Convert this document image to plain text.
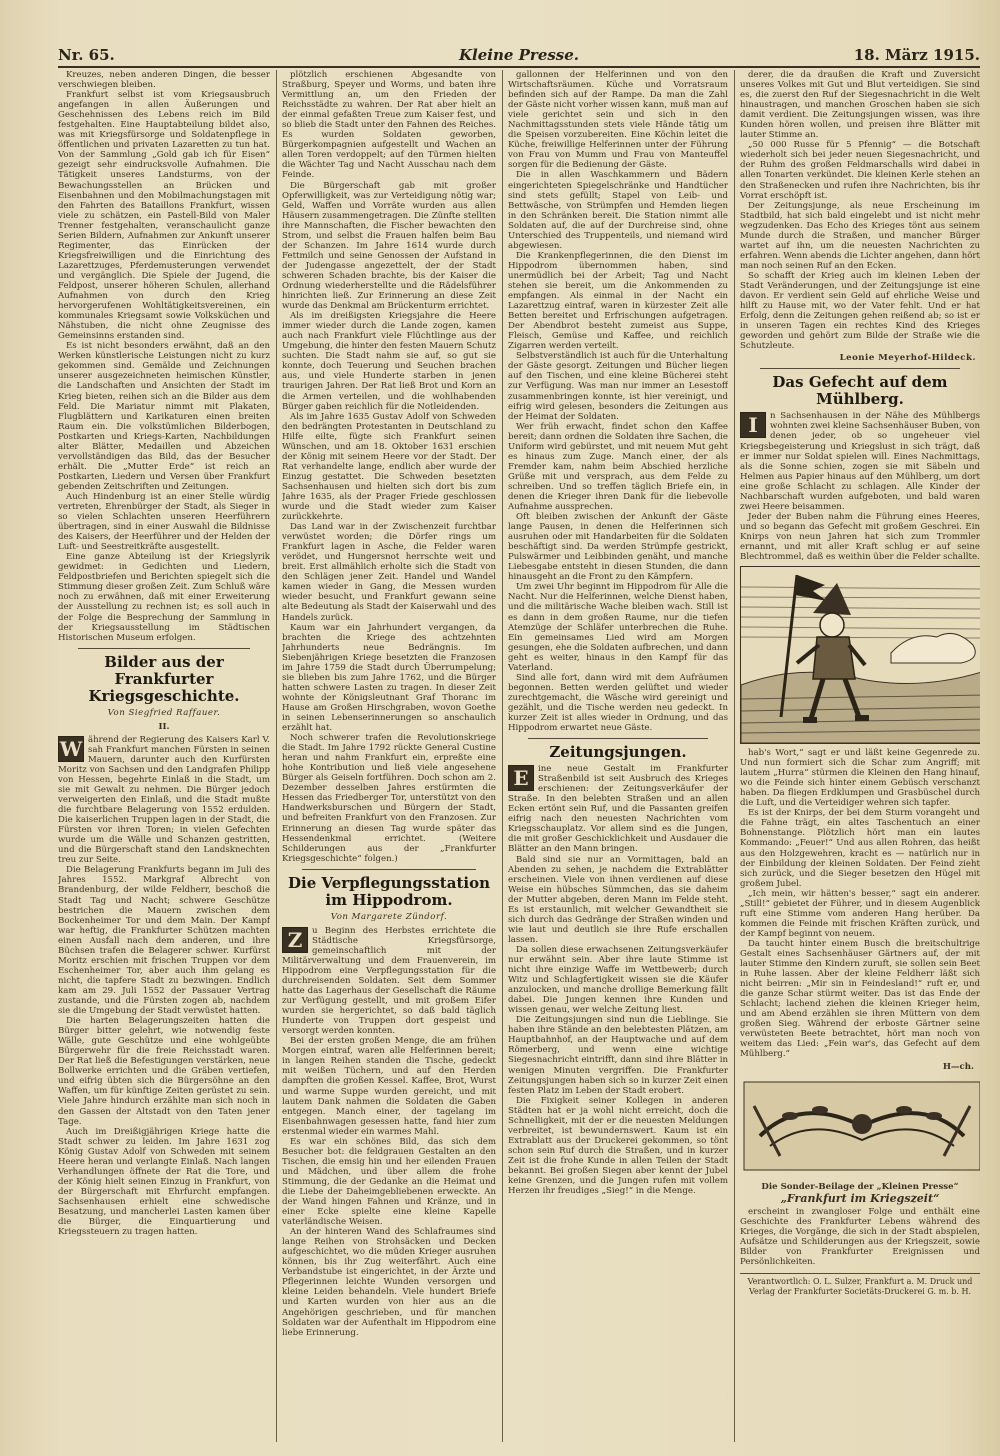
Nr. 65.	Kleine Presse.	18. März 1915.

Kreuzes, neben anderen Dingen, die besser verschwiegen bleiben.

Frankfurt selbst ist vom Kriegsausbruch angefangen in allen Äußerungen und Geschehnissen des Lebens reich im Bild festgehalten. Eine Hauptabteilung bildet also, was mit Kriegsfürsorge und Soldatenpflege in öffentlichen und privaten Lazaretten zu tun hat. Von der Sammlung „Gold gab ich für Eisen“ gezeigt sehr eindrucksvolle Aufnahmen. Die Tätigkeit unseres Landsturms, von der Bewachungsstellen an Brücken und Eisenbahnen und den Mobilmachungstagen mit den Fahrten des Bataillons Frankfurt, wissen viele zu schätzen, ein Pastell-Bild von Maler Trenner festgehalten, veranschaulicht ganze Serien Bildern, Aufnahmen zur Ankunft unserer Regimenter, das Einrücken der Kriegsfreiwilligen und die Einrichtung des Lazarettzuges, Pferdemusterungen verwendet und vergänglich. Die Spiele der Jugend, die Feldpost, unserer höheren Schulen, allerhand Aufnahmen von durch den Krieg hervorgerufenen Wohltätigkeitsvereinen, ein kommunales Kriegsamt sowie Volksküchen und Nähstuben, die nicht ohne Zeugnisse des Gemeinsinns erstanden sind.

Es ist nicht besonders erwähnt, daß an den Werken künstlerische Leistungen nicht zu kurz gekommen sind. Gemälde und Zeichnungen unserer ausgezeichneten heimischen Künstler, die Landschaften und Ansichten der Stadt im Krieg bieten, reihen sich an die Bilder aus dem Feld. Die Mariatur nimmt mit Plakaten, Flugblättern und Karikaturen einen breiten Raum ein. Die volkstümlichen Bilderbogen, Postkarten und Kriegs-Karten, Nachbildungen alter Blätter, Medaillen und Abzeichen vervollständigen das Bild, das der Besucher erhält. Die „Mutter Erde“ ist reich an Postkarten, Liedern und Versen über Frankfurt gebenden Zeitschriften und Zeitungen.

Auch Hindenburg ist an einer Stelle würdig vertreten, Ehrenbürger der Stadt, als Sieger in so vielen Schlachten unseren Heerführern übertragen, sind in einer Auswahl die Bildnisse des Kaisers, der Heerführer und der Helden der Luft- und Seestreitkräfte ausgestellt.

Eine ganze Abteilung ist der Kriegslyrik gewidmet: in Gedichten und Liedern, Feldpostbriefen und Berichten spiegelt sich die Stimmung dieser großen Zeit. Zum Schluß wäre noch zu erwähnen, daß mit einer Erweiterung der Ausstellung zu rechnen ist; es soll auch in der Folge die Besprechung der Sammlung in der Kriegsausstellung im Städtischen Historischen Museum erfolgen.

Bilder aus der Frankfurter Kriegsgeschichte.
Von Siegfried Raffauer.
II.
W ährend der Regierung des Kaisers Karl V. sah Frankfurt manchen Fürsten in seinen Mauern, darunter auch den Kurfürsten Moritz von Sachsen und den Landgrafen Philipp von Hessen, begehrte Einlaß in die Stadt, um sie mit Gewalt zu nehmen. Die Bürger jedoch verweigerten den Einlaß, und die Stadt mußte die furchtbare Belagerung von 1552 erdulden. Die kaiserlichen Truppen lagen in der Stadt, die Fürsten vor ihren Toren; in vielen Gefechten wurde um die Wälle und Schanzen gestritten, und die Bürgerschaft stand den Landsknechten treu zur Seite.

Die Belagerung Frankfurts begann im Juli des Jahres 1552. Markgraf Albrecht von Brandenburg, der wilde Feldherr, beschoß die Stadt Tag und Nacht; schwere Geschütze bestrichen die Mauern zwischen dem Bockenheimer Tor und dem Main. Der Kampf war heftig, die Frankfurter Schützen machten einen Ausfall nach dem anderen, und ihre Büchsen trafen die Belagerer schwer. Kurfürst Moritz erschien mit frischen Truppen vor dem Eschenheimer Tor, aber auch ihm gelang es nicht, die tapfere Stadt zu bezwingen. Endlich kam am 29. Juli 1552 der Passauer Vertrag zustande, und die Fürsten zogen ab, nachdem sie die Umgebung der Stadt verwüstet hatten.

Die harten Belagerungszeiten hatten die Bürger bitter gelehrt, wie notwendig feste Wälle, gute Geschütze und eine wohlgeübte Bürgerwehr für die freie Reichsstadt waren. Der Rat ließ die Befestigungen verstärken, neue Bollwerke errichten und die Gräben vertiefen, und eifrig übten sich die Bürgersöhne an den Waffen, um für künftige Zeiten gerüstet zu sein. Viele Jahre hindurch erzählte man sich noch in den Gassen der Altstadt von den Taten jener Tage.

Auch im Dreißigjährigen Kriege hatte die Stadt schwer zu leiden. Im Jahre 1631 zog König Gustav Adolf von Schweden mit seinem Heere heran und verlangte Einlaß. Nach langen Verhandlungen öffnete der Rat die Tore, und der König hielt seinen Einzug in Frankfurt, von der Bürgerschaft mit Ehrfurcht empfangen. Sachsenhausen erhielt eine schwedische Besatzung, und mancherlei Lasten kamen über die Bürger, die Einquartierung und Kriegssteuern zu tragen hatten.

plötzlich erschienen Abgesandte von Straßburg, Speyer und Worms, und baten ihre Vermittlung an, um den Frieden der Reichsstädte zu wahren. Der Rat aber hielt an der einmal gefaßten Treue zum Kaiser fest, und so blieb die Stadt unter den Fahnen des Reiches. Es wurden Soldaten geworben, Bürgerkompagnien aufgestellt und Wachen an allen Toren verdoppelt; auf den Türmen hielten die Wächter Tag und Nacht Ausschau nach dem Feinde.

Die Bürgerschaft gab mit großer Opferwilligkeit, was zur Verteidigung nötig war; Geld, Waffen und Vorräte wurden aus allen Häusern zusammengetragen. Die Zünfte stellten ihre Mannschaften, die Fischer bewachten den Strom, und selbst die Frauen halfen beim Bau der Schanzen. Im Jahre 1614 wurde durch Fettmilch und seine Genossen der Aufstand in der Judengasse angezettelt, der der Stadt schweren Schaden brachte, bis der Kaiser die Ordnung wiederherstellte und die Rädelsführer hinrichten ließ. Zur Erinnerung an diese Zeit wurde das Denkmal am Brückenturm errichtet.

Als im dreißigsten Kriegsjahre die Heere immer wieder durch die Lande zogen, kamen auch nach Frankfurt viele Flüchtlinge aus der Umgebung, die hinter den festen Mauern Schutz suchten. Die Stadt nahm sie auf, so gut sie konnte, doch Teuerung und Seuchen brachen aus, und viele Hunderte starben in jenen traurigen Jahren. Der Rat ließ Brot und Korn an die Armen verteilen, und die wohlhabenden Bürger gaben reichlich für die Notleidenden.

Als im Jahre 1635 Gustav Adolf von Schweden den bedrängten Protestanten in Deutschland zu Hilfe eilte, fügte sich Frankfurt seinen Wünschen, und am 18. Oktober 1631 erschien der König mit seinem Heere vor der Stadt. Der Rat verhandelte lange, endlich aber wurde der Einzug gestattet. Die Schweden besetzten Sachsenhausen und hielten sich dort bis zum Jahre 1635, als der Prager Friede geschlossen wurde und die Stadt wieder zum Kaiser zurückkehrte.

Das Land war in der Zwischenzeit furchtbar verwüstet worden; die Dörfer rings um Frankfurt lagen in Asche, die Felder waren verödet, und Hungersnot herrschte weit und breit. Erst allmählich erholte sich die Stadt von den Schlägen jener Zeit. Handel und Wandel kamen wieder in Gang, die Messen wurden wieder besucht, und Frankfurt gewann seine alte Bedeutung als Stadt der Kaiserwahl und des Handels zurück.

Kaum war ein Jahrhundert vergangen, da brachten die Kriege des achtzehnten Jahrhunderts neue Bedrängnis. Im Siebenjährigen Kriege besetzten die Franzosen im Jahre 1759 die Stadt durch Überrumpelung; sie blieben bis zum Jahre 1762, und die Bürger hatten schwere Lasten zu tragen. In dieser Zeit wohnte der Königsleutnant Graf Thoranc im Hause am Großen Hirschgraben, wovon Goethe in seinen Lebenserinnerungen so anschaulich erzählt hat.

Noch schwerer trafen die Revolutionskriege die Stadt. Im Jahre 1792 rückte General Custine heran und nahm Frankfurt ein, erpreßte eine hohe Kontribution und ließ viele angesehene Bürger als Geiseln fortführen. Doch schon am 2. Dezember desselben Jahres erstürmten die Hessen das Friedberger Tor, unterstützt von den Handwerksburschen und Bürgern der Stadt, und befreiten Frankfurt von den Franzosen. Zur Erinnerung an diesen Tag wurde später das Hessendenkmal errichtet. (Weitere Schilderungen aus der „Frankfurter Kriegsgeschichte“ folgen.)

Die Verpflegungsstation im Hippodrom.
Von Margarete Zündorf.
Z	u Beginn des Herbstes errichtete die Städtische Kriegsfürsorge, gemeinschaftlich mit der Militärverwaltung und dem Frauenverein, im Hippodrom eine Verpflegungsstation für die durchreisenden Soldaten. Seit dem Sommer hatte das Lagerhaus der Gesellschaft die Räume zur Verfügung gestellt, und mit großem Eifer wurden sie hergerichtet, so daß bald täglich Hunderte von Truppen dort gespeist und versorgt werden konnten.

Bei der ersten großen Menge, die am frühen Morgen eintraf, waren alle Helferinnen bereit; in langen Reihen standen die Tische, gedeckt mit weißen Tüchern, und auf den Herden dampften die großen Kessel. Kaffee, Brot, Wurst und warme Suppe wurden gereicht, und mit lautem Dank nahmen die Soldaten die Gaben entgegen. Manch einer, der tagelang im Eisenbahnwagen gesessen hatte, fand hier zum erstenmal wieder ein warmes Mahl.

Es war ein schönes Bild, das sich dem Besucher bot: die feldgrauen Gestalten an den Tischen, die emsig hin und her eilenden Frauen und Mädchen, und über allem die frohe Stimmung, die der Gedanke an die Heimat und die Liebe der Daheimgebliebenen erweckte. An der Wand hingen Fahnen und Kränze, und in einer Ecke spielte eine kleine Kapelle vaterländische Weisen.

An der hinteren Wand des Schlafraumes sind lange Reihen von Strohsäcken und Decken aufgeschichtet, wo die müden Krieger ausruhen können, bis ihr Zug weiterfährt. Auch eine Verbandstube ist eingerichtet, in der Ärzte und Pflegerinnen leichte Wunden versorgen und kleine Leiden behandeln. Viele hundert Briefe und Karten wurden von hier aus an die Angehörigen geschrieben, und für manchen Soldaten war der Aufenthalt im Hippodrom eine liebe Erinnerung.

gallonnen der Helferinnen und von den Wirtschaftsräumen. Küche und Vorratsraum befinden sich auf der Rampe. Da man die Zahl der Gäste nicht vorher wissen kann, muß man auf viele gerichtet sein und sich in den Nachmittagsstunden stets viele Hände tätig um die Speisen vorzubereiten. Eine Köchin leitet die Küche, freiwillige Helferinnen unter der Führung von Frau von Mumm und Frau von Manteuffel sorgen für die Bedienung der Gäste.

Die in allen Waschkammern und Bädern eingerichteten Spiegelschränke und Handtücher sind stets gefüllt; Stapel von Leib- und Bettwäsche, von Strümpfen und Hemden liegen in den Schränken bereit. Die Station nimmt alle Soldaten auf, die auf der Durchreise sind, ohne Unterschied des Truppenteils, und niemand wird abgewiesen.

Die Krankenpflegerinnen, die den Dienst im Hippodrom übernommen haben, sind unermüdlich bei der Arbeit; Tag und Nacht stehen sie bereit, um die Ankommenden zu empfangen. Als einmal in der Nacht ein Lazarettzug eintraf, waren in kürzester Zeit alle Betten bereitet und Erfrischungen aufgetragen. Der Abendbrot besteht zumeist aus Suppe, Fleisch, Gemüse und Kaffee, und reichlich Zigarren werden verteilt.

Selbstverständlich ist auch für die Unterhaltung der Gäste gesorgt. Zeitungen und Bücher liegen auf den Tischen, und eine kleine Bücherei steht zur Verfügung. Was man nur immer an Lesestoff zusammenbringen konnte, ist hier vereinigt, und eifrig wird gelesen, besonders die Zeitungen aus der Heimat der Soldaten.

Wer früh erwacht, findet schon den Kaffee bereit; dann ordnen die Soldaten ihre Sachen, die Uniform wird gebürstet, und mit neuem Mut geht es hinaus zum Zuge. Manch einer, der als Fremder kam, nahm beim Abschied herzliche Grüße mit und versprach, aus dem Felde zu schreiben. Und so treffen täglich Briefe ein, in denen die Krieger ihren Dank für die liebevolle Aufnahme aussprechen.

Oft bleiben zwischen der Ankunft der Gäste lange Pausen, in denen die Helferinnen sich ausruhen oder mit Handarbeiten für die Soldaten beschäftigt sind. Da werden Strümpfe gestrickt, Pulswärmer und Leibbinden genäht, und manche Liebesgabe entsteht in diesen Stunden, die dann hinausgeht an die Front zu den Kämpfern.

Um zwei Uhr beginnt im Hippodrom für Alle die Nacht. Nur die Helferinnen, welche Dienst haben, und die militärische Wache bleiben wach. Still ist es dann in dem großen Raume, nur die tiefen Atemzüge der Schläfer unterbrechen die Ruhe. Ein gemeinsames Lied wird am Morgen gesungen, ehe die Soldaten aufbrechen, und dann geht es weiter, hinaus in den Kampf für das Vaterland.

Sind alle fort, dann wird mit dem Aufräumen begonnen. Betten werden gelüftet und wieder zurechtgemacht, die Wäsche wird gereinigt und gezählt, und die Tische werden neu gedeckt. In kurzer Zeit ist alles wieder in Ordnung, und das Hippodrom erwartet neue Gäste.

Zeitungsjungen.
E	ine neue Gestalt im Frankfurter Straßenbild ist seit Ausbruch des Krieges erschienen: der Zeitungsverkäufer der Straße. In den belebten Straßen und an allen Ecken ertönt sein Ruf, und die Passanten greifen eifrig nach den neuesten Nachrichten vom Kriegsschauplatz. Vor allem sind es die Jungen, die mit großer Geschicklichkeit und Ausdauer die Blätter an den Mann bringen.

Bald sind sie nur an Vormittagen, bald an Abenden zu sehen, je nachdem die Extrablätter erscheinen. Viele von ihnen verdienen auf diese Weise ein hübsches Sümmchen, das sie daheim der Mutter abgeben, deren Mann im Felde steht. Es ist erstaunlich, mit welcher Gewandtheit sie sich durch das Gedränge der Straßen winden und wie laut und deutlich sie ihre Rufe erschallen lassen.

Da sollen diese erwachsenen Zeitungsverkäufer nur erwähnt sein. Aber ihre laute Stimme ist nicht ihre einzige Waffe im Wettbewerb; durch Witz und Schlagfertigkeit wissen sie die Käufer anzulocken, und manche drollige Bemerkung fällt dabei. Die Jungen kennen ihre Kunden und wissen genau, wer welche Zeitung liest.

Die Zeitungsjungen sind nun die Lieblinge. Sie haben ihre Stände an den belebtesten Plätzen, am Hauptbahnhof, an der Hauptwache und auf dem Römerberg, und wenn eine wichtige Siegesnachricht eintrifft, dann sind ihre Blätter in wenigen Minuten vergriffen. Die Frankfurter Zeitungsjungen haben sich so in kurzer Zeit einen festen Platz im Leben der Stadt erobert.

Die Fixigkeit seiner Kollegen in anderen Städten hat er ja wohl nicht erreicht, doch die Schnelligkeit, mit der er die neuesten Meldungen verbreitet, ist bewundernswert. Kaum ist ein Extrablatt aus der Druckerei gekommen, so tönt schon sein Ruf durch die Straßen, und in kurzer Zeit ist die frohe Kunde in allen Teilen der Stadt bekannt. Bei großen Siegen aber kennt der Jubel keine Grenzen, und die Jungen rufen mit vollem Herzen ihr freudiges „Sieg!“ in die Menge.

derer, die da draußen die Kraft und Zuversicht unseres Volkes mit Gut und Blut verteidigen. Sie sind es, die zuerst den Ruf der Siegesnachricht in die Welt hinaustragen, und manchen Groschen haben sie sich damit verdient. Die Zeitungsjungen wissen, was ihre Kunden hören wollen, und preisen ihre Blätter mit lauter Stimme an.

„50 000 Russe für 5 Pfennig“ — die Botschaft wiederholt sich bei jeder neuen Siegesnachricht, und der Ruhm des großen Feldmarschalls wird dabei in allen Tonarten verkündet. Die kleinen Kerle stehen an den Straßenecken und rufen ihre Nachrichten, bis ihr Vorrat erschöpft ist.

Der Zeitungsjunge, als neue Erscheinung im Stadtbild, hat sich bald eingelebt und ist nicht mehr wegzudenken. Das Echo des Krieges tönt aus seinem Munde durch die Straßen, und mancher Bürger wartet auf ihn, um die neuesten Nachrichten zu erfahren. Wenn abends die Lichter angehen, dann hört man noch seinen Ruf an den Ecken.

So schafft der Krieg auch im kleinen Leben der Stadt Veränderungen, und der Zeitungsjunge ist eine davon. Er verdient sein Geld auf ehrliche Weise und hilft zu Hause mit, wo der Vater fehlt. Und er hat Erfolg, denn die Zeitungen gehen reißend ab; so ist er in unseren Tagen ein rechtes Kind des Krieges geworden und gehört zum Bilde der Straße wie die Schutzleute.

Leonie Meyerhof-Hildeck.
Das Gefecht auf dem Mühlberg.
I	n Sachsenhausen in der Nähe des Mühlbergs wohnten zwei kleine Sachsenhäuser Buben, von denen jeder, ob so ungeheuer viel Kriegsbegeisterung und Kriegslust in sich trägt, daß er immer nur Soldat spielen will. Eines Nachmittags, als die Sonne schien, zogen sie mit Säbeln und Helmen aus Papier hinaus auf den Mühlberg, um dort eine große Schlacht zu schlagen. Alle Kinder der Nachbarschaft wurden aufgeboten, und bald waren zwei Heere beisammen.

Jeder der Buben nahm die Führung eines Heeres, und so begann das Gefecht mit großem Geschrei. Ein Knirps von neun Jahren hat sich zum Trommler ernannt, und mit aller Kraft schlug er auf seine Blechtrommel, daß es weithin über die Felder schallte.

hab's Wort,“ sagt er und läßt keine Gegenrede zu. Und nun formiert sich die Schar zum Angriff; mit lautem „Hurra“ stürmen die Kleinen den Hang hinauf, wo die Feinde sich hinter einem Gebüsch verschanzt haben. Da fliegen Erdklumpen und Grasbüschel durch die Luft, und die Verteidiger wehren sich tapfer.

Es ist der Knirps, der bei dem Sturm vorangeht und die Fahne trägt, ein altes Taschentuch an einer Bohnenstange. Plötzlich hört man ein lautes Kommando: „Feuer!“ Und aus allen Rohren, das heißt aus den Holzgewehren, kracht es — natürlich nur in der Einbildung der kleinen Soldaten. Der Feind zieht sich zurück, und die Sieger besetzen den Hügel mit großem Jubel.

„Ich mein, wir hätten's besser,“ sagt ein anderer. „Still!“ gebietet der Führer, und in diesem Augenblick ruft eine Stimme vom anderen Hang herüber. Da kommen die Feinde mit frischen Kräften zurück, und der Kampf beginnt von neuem.

Da taucht hinter einem Busch die breitschultrige Gestalt eines Sachsenhäuser Gärtners auf, der mit lauter Stimme den Kindern zuruft, sie sollen sein Beet in Ruhe lassen. Aber der kleine Feldherr läßt sich nicht beirren: „Mir sin in Feindesland!“ ruft er, und die ganze Schar stürmt weiter. Das ist das Ende der Schlacht; lachend ziehen die kleinen Krieger heim, und am Abend erzählen sie ihren Müttern von dem großen Sieg. Während der erboste Gärtner seine verwüsteten Beete betrachtet, hört man noch von weitem das Lied: „Fein war's, das Gefecht auf dem Mühlberg.“

H—ch.
Die Sonder-Beilage der „Kleinen Presse“
„Frankfurt im Kriegszeit“

erscheint in zwangloser Folge und enthält eine Geschichte des Frankfurter Lebens während des Krieges, die Vorgänge, die sich in der Stadt abspielen, Aufsätze und Schilderungen aus der Kriegszeit, sowie Bilder von Frankfurter Ereignissen und Persönlichkeiten.

Verantwortlich: O. L. Sulzer, Frankfurt a. M. Druck und Verlag der Frankfurter Societäts-Druckerei G. m. b. H.
